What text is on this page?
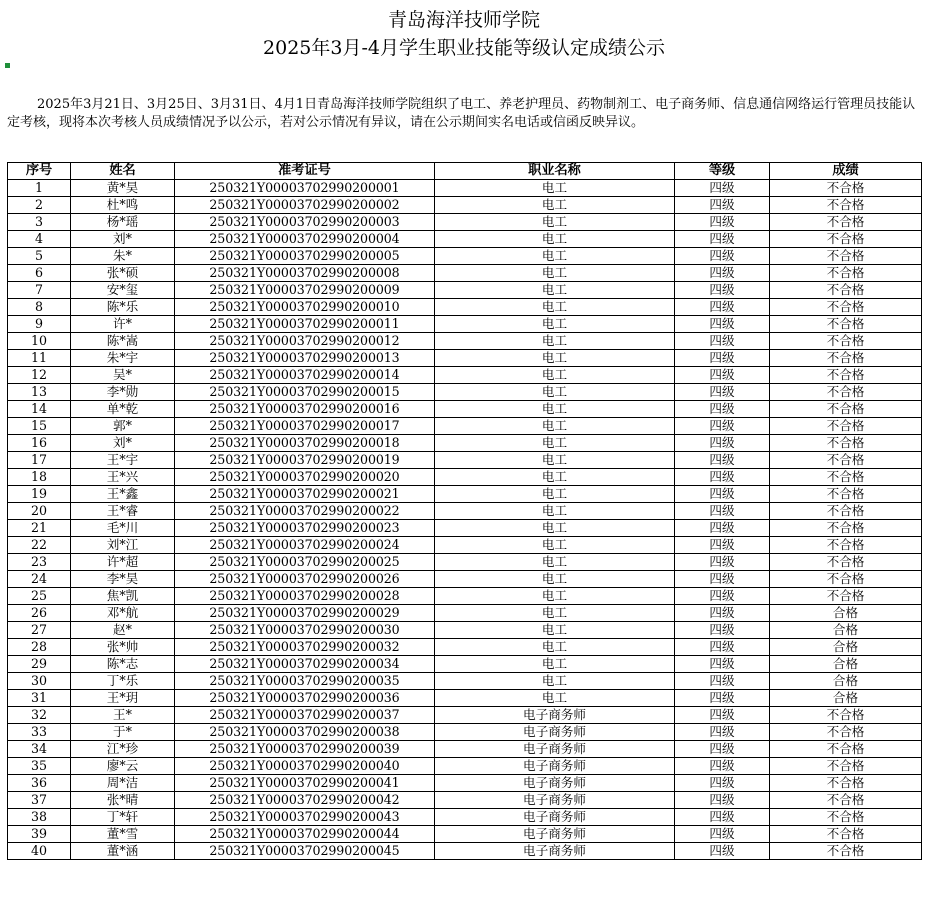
青岛海洋技师学院
2025年3月-4月学生职业技能等级认定成绩公示
2025年3月21日、3月25日、3月31日、4月1日青岛海洋技师学院组织了电工、养老护理员、药物制剂工、电子商务师、信息通信网络运行管理员技能认定考核，现将本次考核人员成绩情况予以公示，若对公示情况有异议，请在公示期间实名电话或信函反映异议。
序号	姓名	准考证号	职业名称	等级	成绩
1	黄*昊	250321Y00003702990200001	电工	四级	不合格
2	杜*鸣	250321Y00003702990200002	电工	四级	不合格
3	杨*瑶	250321Y00003702990200003	电工	四级	不合格
4	刘*	250321Y00003702990200004	电工	四级	不合格
5	朱*	250321Y00003702990200005	电工	四级	不合格
6	张*硕	250321Y00003702990200008	电工	四级	不合格
7	安*玺	250321Y00003702990200009	电工	四级	不合格
8	陈*乐	250321Y00003702990200010	电工	四级	不合格
9	许*	250321Y00003702990200011	电工	四级	不合格
10	陈*嵩	250321Y00003702990200012	电工	四级	不合格
11	朱*宇	250321Y00003702990200013	电工	四级	不合格
12	吴*	250321Y00003702990200014	电工	四级	不合格
13	李*勋	250321Y00003702990200015	电工	四级	不合格
14	单*乾	250321Y00003702990200016	电工	四级	不合格
15	郭*	250321Y00003702990200017	电工	四级	不合格
16	刘*	250321Y00003702990200018	电工	四级	不合格
17	王*宇	250321Y00003702990200019	电工	四级	不合格
18	王*兴	250321Y00003702990200020	电工	四级	不合格
19	王*鑫	250321Y00003702990200021	电工	四级	不合格
20	王*睿	250321Y00003702990200022	电工	四级	不合格
21	毛*川	250321Y00003702990200023	电工	四级	不合格
22	刘*江	250321Y00003702990200024	电工	四级	不合格
23	许*超	250321Y00003702990200025	电工	四级	不合格
24	李*昊	250321Y00003702990200026	电工	四级	不合格
25	焦*凯	250321Y00003702990200028	电工	四级	不合格
26	邓*航	250321Y00003702990200029	电工	四级	合格
27	赵*	250321Y00003702990200030	电工	四级	合格
28	张*帅	250321Y00003702990200032	电工	四级	合格
29	陈*志	250321Y00003702990200034	电工	四级	合格
30	丁*乐	250321Y00003702990200035	电工	四级	合格
31	王*玥	250321Y00003702990200036	电工	四级	合格
32	王*	250321Y00003702990200037	电子商务师	四级	不合格
33	于*	250321Y00003702990200038	电子商务师	四级	不合格
34	江*珍	250321Y00003702990200039	电子商务师	四级	不合格
35	廖*云	250321Y00003702990200040	电子商务师	四级	不合格
36	周*洁	250321Y00003702990200041	电子商务师	四级	不合格
37	张*晴	250321Y00003702990200042	电子商务师	四级	不合格
38	丁*轩	250321Y00003702990200043	电子商务师	四级	不合格
39	董*雪	250321Y00003702990200044	电子商务师	四级	不合格
40	董*涵	250321Y00003702990200045	电子商务师	四级	不合格
